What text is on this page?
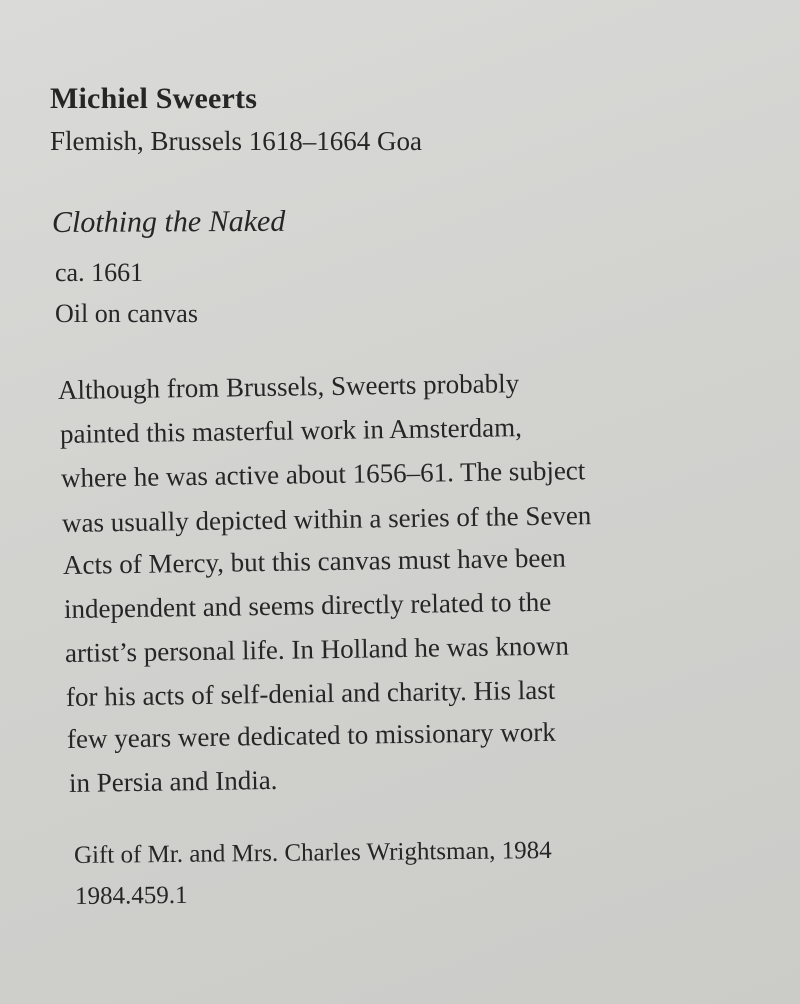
Michiel Sweerts
Flemish, Brussels 1618–1664 Goa
Clothing the Naked
ca. 1661
Oil on canvas
Although from Brussels, Sweerts probably
painted this masterful work in Amsterdam,
where he was active about 1656–61. The subject
was usually depicted within a series of the Seven
Acts of Mercy, but this canvas must have been
independent and seems directly related to the
artist’s personal life. In Holland he was known
for his acts of self-denial and charity. His last
few years were dedicated to missionary work
in Persia and India.
Gift of Mr. and Mrs. Charles Wrightsman, 1984
1984.459.1
